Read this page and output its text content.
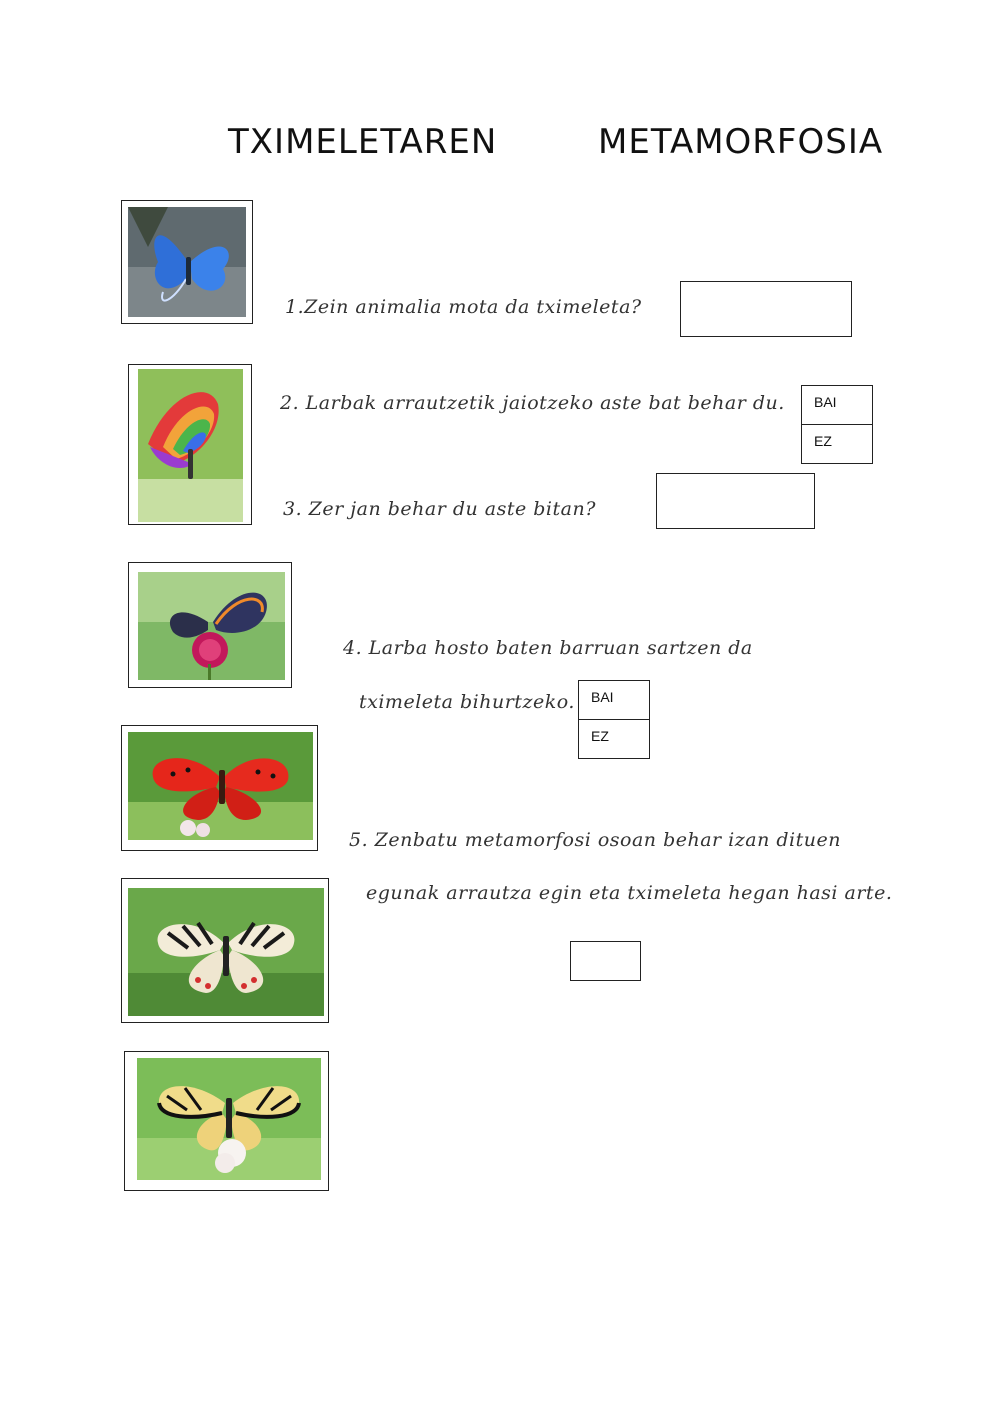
TXIMELETAREN	METAMORFOSIA
1.Zein animalia mota da tximeleta?
2. Larbak arrautzetik jaiotzeko aste bat behar du.	BAI
EZ
3. Zer jan behar du aste bitan?
4. Larba hosto baten barruan sartzen da
tximeleta bihurtzeko.	BAI
EZ
5. Zenbatu metamorfosi osoan behar izan dituen
egunak arrautza egin eta tximeleta hegan hasi arte.
